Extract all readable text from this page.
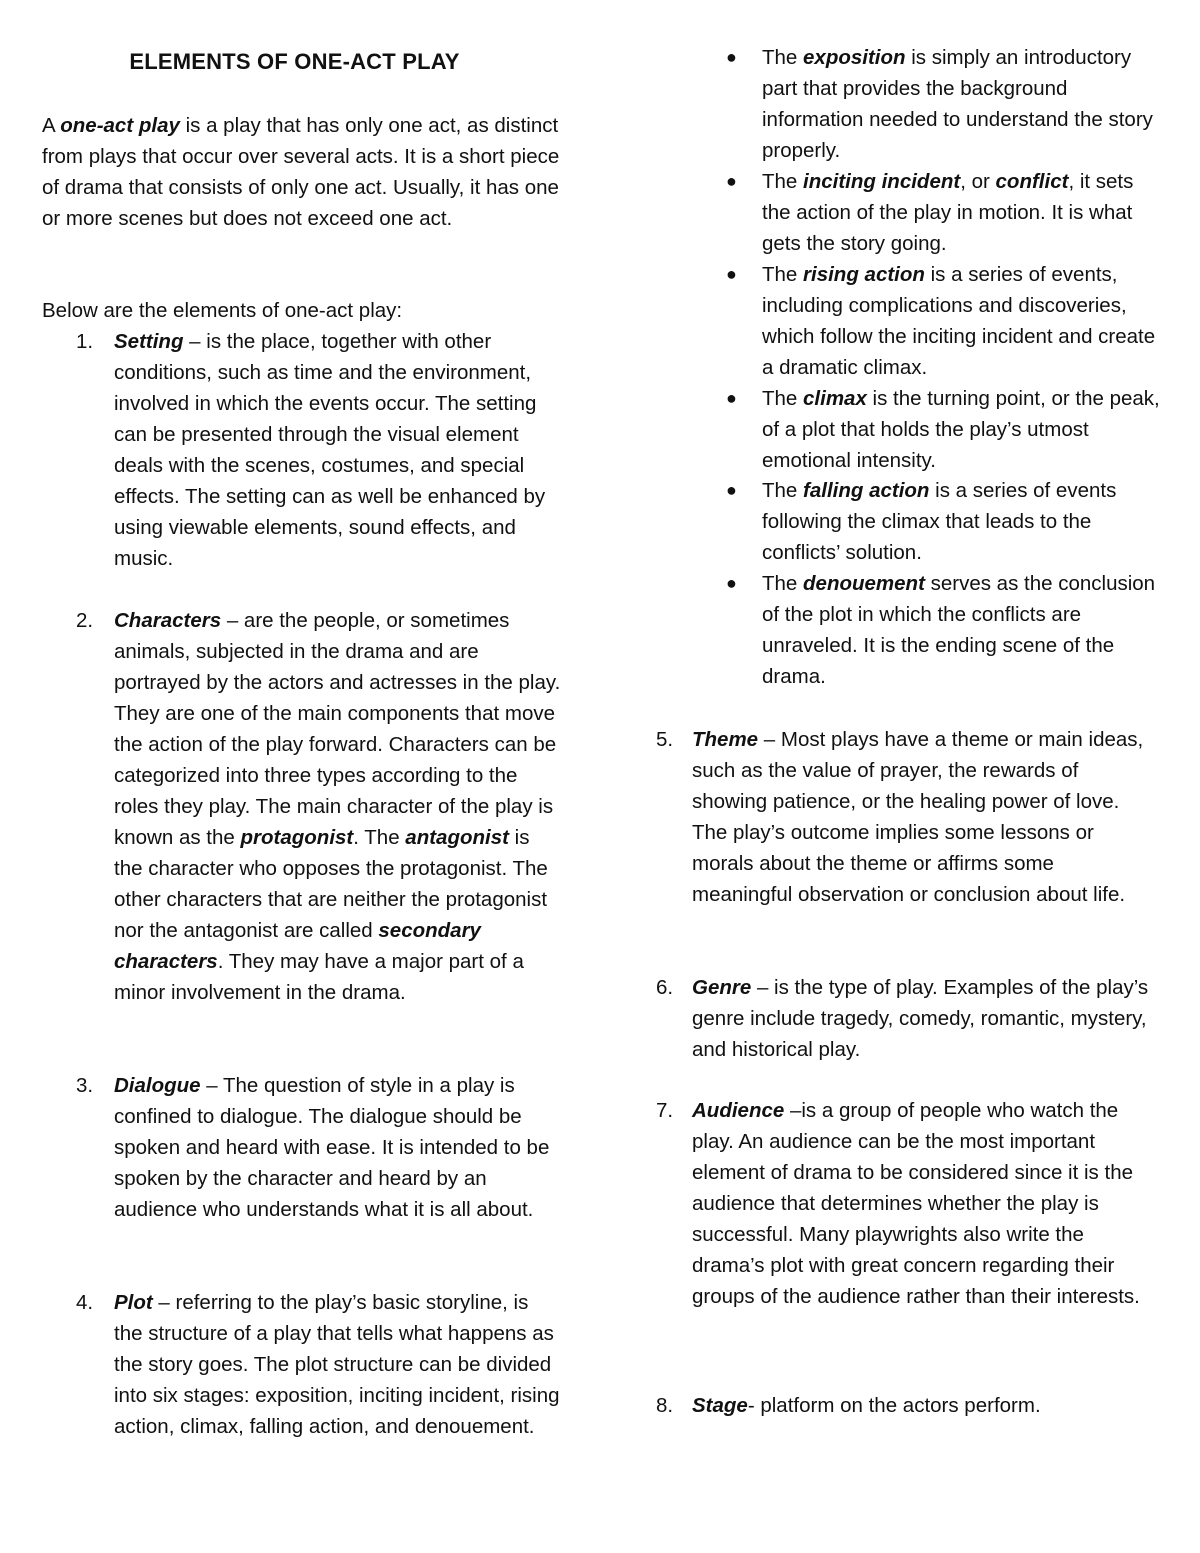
ELEMENTS OF ONE-ACT PLAY

A one-act play is a play that has only one act, as distinct from plays that occur over several acts. It is a short piece of drama that consists of only one act. Usually, it has one or more scenes but does not exceed one act.

Below are the elements of one-act play:

1. Setting – is the place, together with other conditions, such as time and the environment, involved in which the events occur. The setting can be presented through the visual element deals with the scenes, costumes, and special effects. The setting can as well be enhanced by using viewable elements, sound effects, and music.

2. Characters – are the people, or sometimes animals, subjected in the drama and are portrayed by the actors and actresses in the play. They are one of the main components that move the action of the play forward. Characters can be categorized into three types according to the roles they play. The main character of the play is known as the protagonist. The antagonist is the character who opposes the protagonist. The other characters that are neither the protagonist nor the antagonist are called secondary characters. They may have a major part of a minor involvement in the drama.

3. Dialogue – The question of style in a play is confined to dialogue. The dialogue should be spoken and heard with ease. It is intended to be spoken by the character and heard by an audience who understands what it is all about.

4. Plot – referring to the play’s basic storyline, is the structure of a play that tells what happens as the story goes. The plot structure can be divided into six stages: exposition, inciting incident, rising action, climax, falling action, and denouement.

● The exposition is simply an introductory part that provides the background information needed to understand the story properly.

● The inciting incident, or conflict, it sets the action of the play in motion. It is what gets the story going.

● The rising action is a series of events, including complications and discoveries, which follow the inciting incident and create a dramatic climax.

● The climax is the turning point, or the peak, of a plot that holds the play’s utmost emotional intensity.

● The falling action is a series of events following the climax that leads to the conflicts’ solution.

● The denouement serves as the conclusion of the plot in which the conflicts are unraveled. It is the ending scene of the drama.

5. Theme – Most plays have a theme or main ideas, such as the value of prayer, the rewards of showing patience, or the healing power of love. The play’s outcome implies some lessons or morals about the theme or affirms some meaningful observation or conclusion about life.

6. Genre – is the type of play. Examples of the play’s genre include tragedy, comedy, romantic, mystery, and historical play.

7. Audience –is a group of people who watch the play. An audience can be the most important element of drama to be considered since it is the audience that determines whether the play is successful. Many playwrights also write the drama’s plot with great concern regarding their groups of the audience rather than their interests.

8. Stage- platform on the actors perform.
